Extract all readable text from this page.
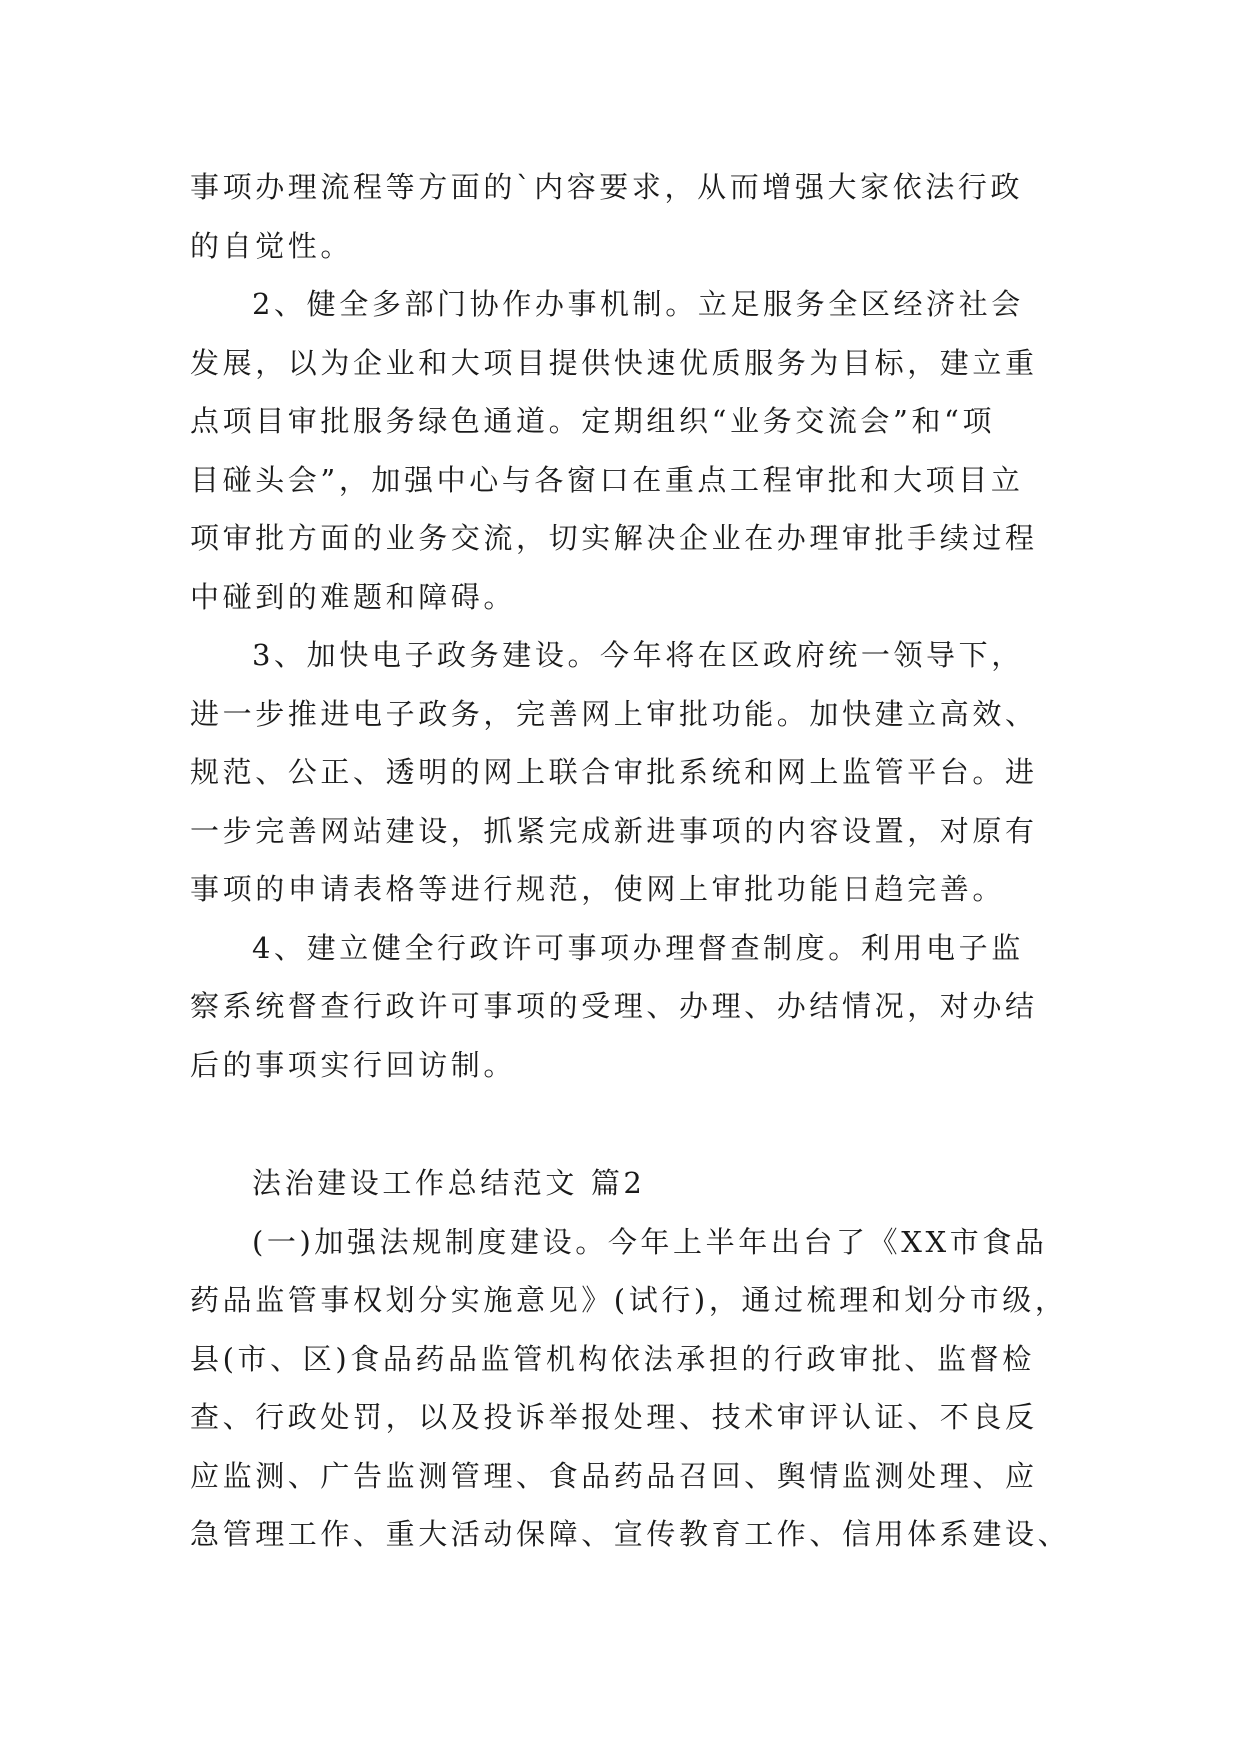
事项办理流程等方面的`内容要求，从而增强大家依法行政
的自觉性。
2、健全多部门协作办事机制。立足服务全区经济社会
发展，以为企业和大项目提供快速优质服务为目标，建立重
点项目审批服务绿色通道。定期组织“业务交流会”和“项
目碰头会”，加强中心与各窗口在重点工程审批和大项目立
项审批方面的业务交流，切实解决企业在办理审批手续过程
中碰到的难题和障碍。
3、加快电子政务建设。今年将在区政府统一领导下，
进一步推进电子政务，完善网上审批功能。加快建立高效、
规范、公正、透明的网上联合审批系统和网上监管平台。进
一步完善网站建设，抓紧完成新进事项的内容设置，对原有
事项的申请表格等进行规范，使网上审批功能日趋完善。
4、建立健全行政许可事项办理督查制度。利用电子监
察系统督查行政许可事项的受理、办理、办结情况，对办结
后的事项实行回访制。
法治建设工作总结范文 篇2
(一)加强法规制度建设。今年上半年出台了《XX市食品
药品监管事权划分实施意见》(试行)，通过梳理和划分市级，
县(市、区)食品药品监管机构依法承担的行政审批、监督检
查、行政处罚，以及投诉举报处理、技术审评认证、不良反
应监测、广告监测管理、食品药品召回、舆情监测处理、应
急管理工作、重大活动保障、宣传教育工作、信用体系建设、
